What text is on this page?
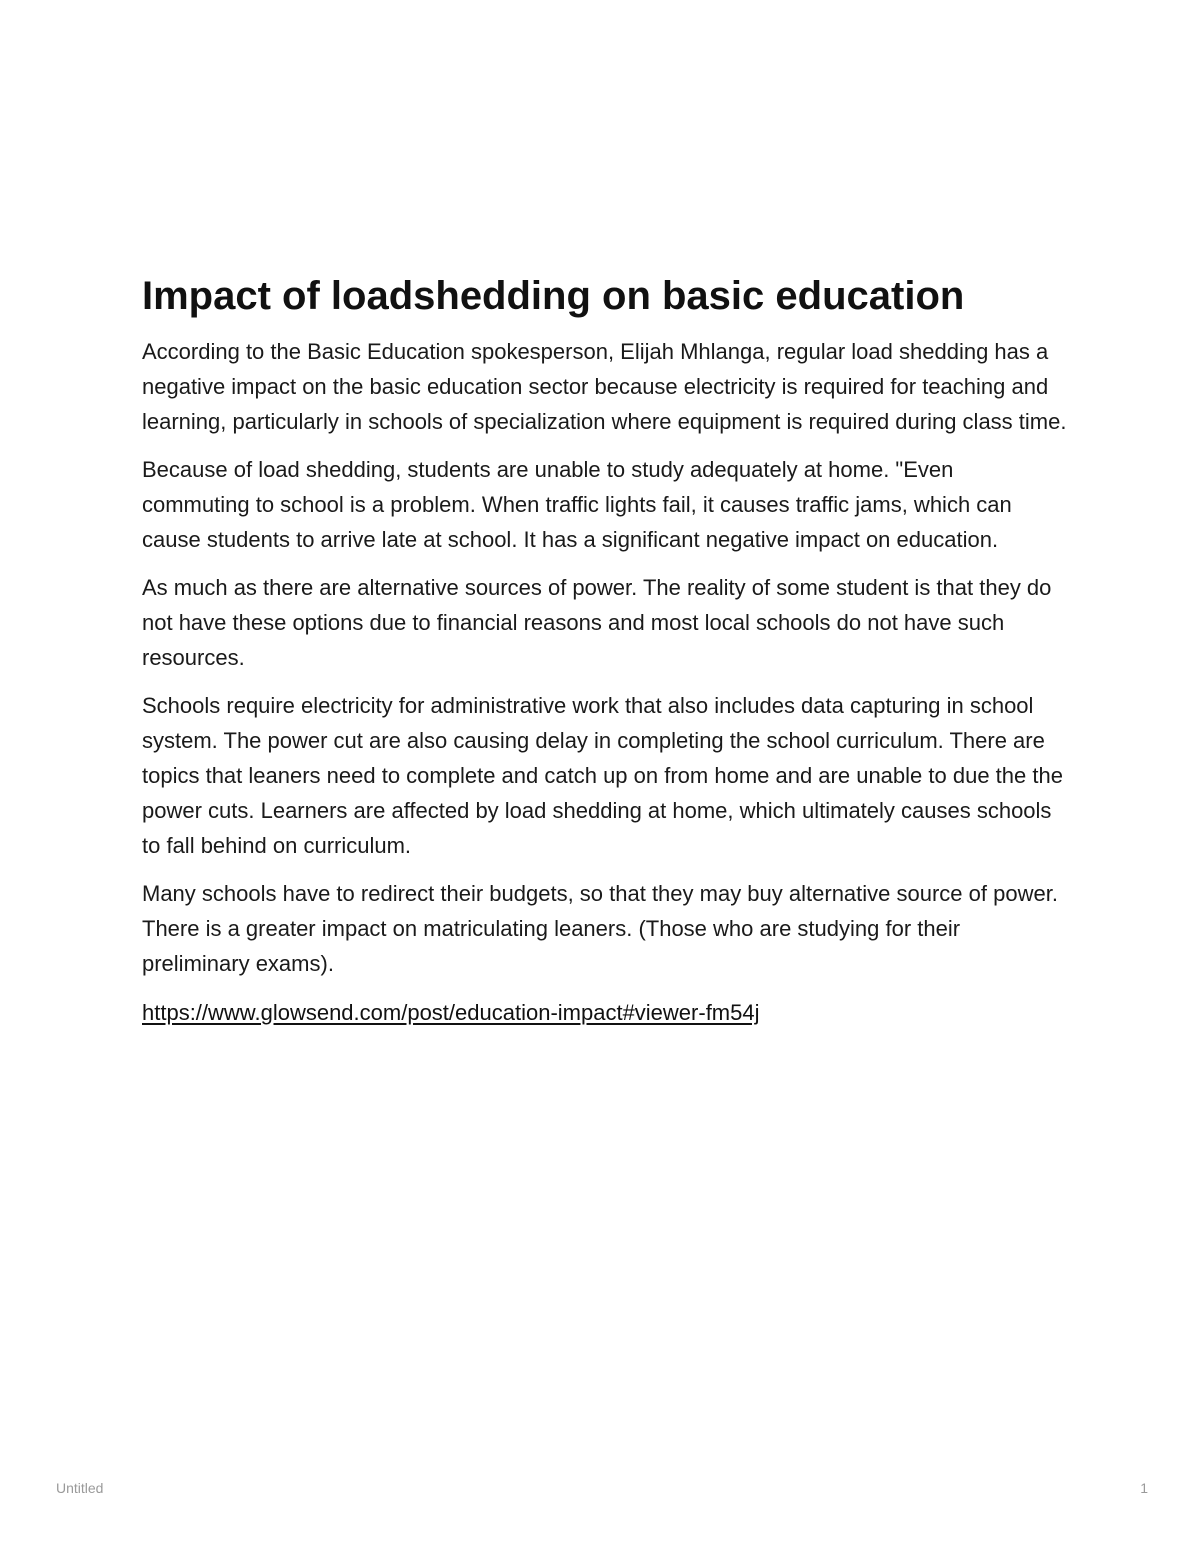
Impact of loadshedding on basic education

According to the Basic Education spokesperson, Elijah Mhlanga, regular load shedding has a negative impact on the basic education sector because electricity is required for teaching and learning, particularly in schools of specialization where equipment is required during class time.

Because of load shedding, students are unable to study adequately at home. "Even commuting to school is a problem. When traffic lights fail, it causes traffic jams, which can cause students to arrive late at school. It has a significant negative impact on education.

As much as there are alternative sources of power. The reality of some student is that they do not have these options due to financial reasons and most local schools do not have such resources.

Schools require electricity for administrative work that also includes data capturing in school system. The power cut are also causing delay in completing the school curriculum. There are topics that leaners need to complete and catch up on from home and are unable to due the the power cuts. Learners are affected by load shedding at home, which ultimately causes schools to fall behind on curriculum.

Many schools have to redirect their budgets, so that they may buy alternative source of power. There is a greater impact on matriculating leaners. (Those who are studying for their preliminary exams).

https://www.glowsend.com/post/education-impact#viewer-fm54j
Untitled	1
